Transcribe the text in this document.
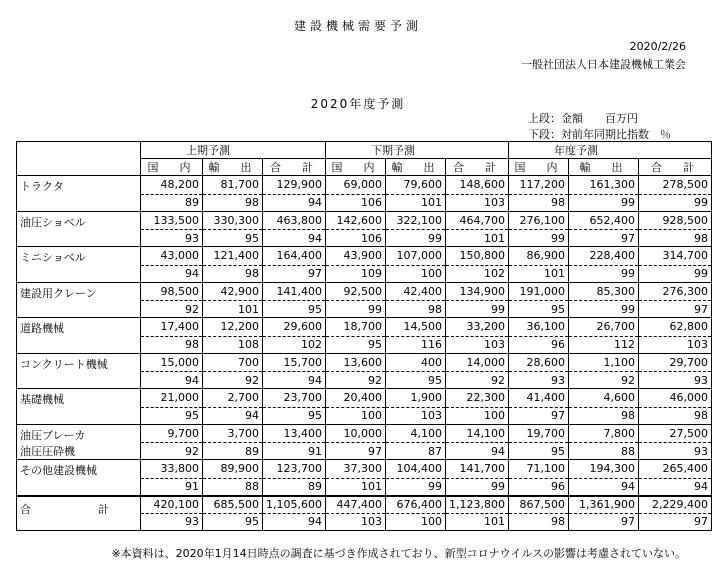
建設機械需要予測
2020/2/26
一般社団法人日本建設機械工業会
2020年度予測
上段：金額　　百万円
下段：対前年同期比指数　％
	上期予測			下期予測			年度予測		
	国　内	輸　出	合　計	国　内	輸　出	合　計	国　内	輸　出	合　計
トラクタ	48,200	81,700	129,900	69,000	79,600	148,600	117,200	161,300	278,500
	89	98	94	106	101	103	98	99	99
油圧ショベル	133,500	330,300	463,800	142,600	322,100	464,700	276,100	652,400	928,500
	93	95	94	106	99	101	99	97	98
ミニショベル	43,000	121,400	164,400	43,900	107,000	150,800	86,900	228,400	314,700
	94	98	97	109	100	102	101	99	99
建設用クレーン	98,500	42,900	141,400	92,500	42,400	134,900	191,000	85,300	276,300
	92	101	95	99	98	99	95	99	97
道路機械	17,400	12,200	29,600	18,700	14,500	33,200	36,100	26,700	62,800
	98	108	102	95	116	103	96	112	103
コンクリート機械	15,000	700	15,700	13,600	400	14,000	28,600	1,100	29,700
	94	92	94	92	95	92	93	92	93
基礎機械	21,000	2,700	23,700	20,400	1,900	22,300	41,400	4,600	46,000
	95	94	95	100	103	100	97	98	98
油圧ブレーカ	9,700	3,700	13,400	10,000	4,100	14,100	19,700	7,800	27,500
油圧圧砕機	92	89	91	97	87	94	95	88	93
その他建設機械	33,800	89,900	123,700	37,300	104,400	141,700	71,100	194,300	265,400
	91	88	89	101	99	99	96	94	94
合　計	420,100	685,500	1,105,600	447,400	676,400	1,123,800	867,500	1,361,900	2,229,400
	93	95	94	103	100	101	98	97	97
※本資料は、2020年1月14日時点の調査に基づき作成されており、新型コロナウイルスの影響は考慮されていない。
